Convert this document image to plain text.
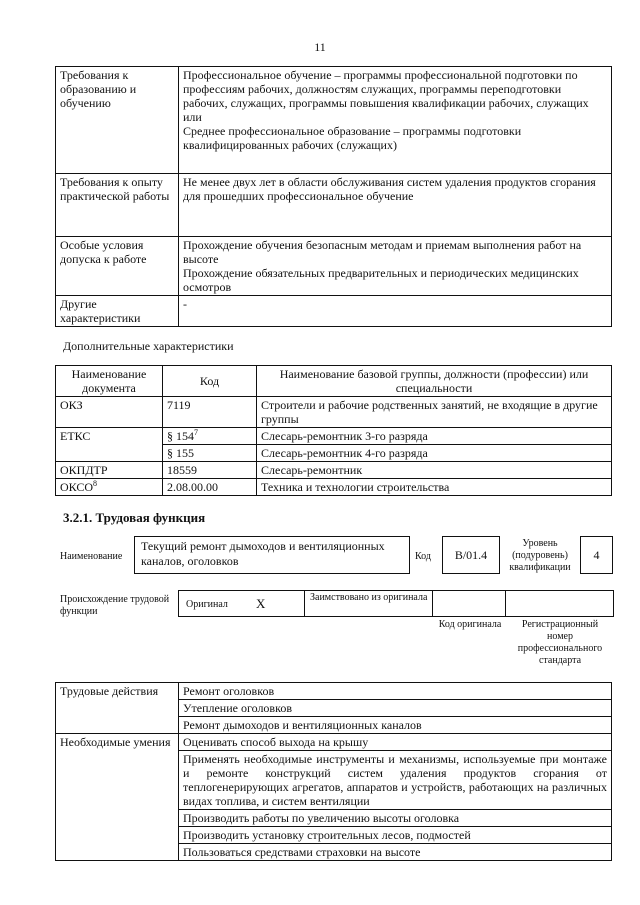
11
Требования к образованию и обучению	Профессиональное обучение – программы профессиональной подготовки по профессиям рабочих, должностям служащих, программы переподготовки рабочих, служащих, программы повышения квалификации рабочих, служащих
или
Среднее профессиональное образование – программы подготовки квалифицированных рабочих (служащих)

Требования к опыту практической работы	Не менее двух лет в области обслуживания систем удаления продуктов сгорания для прошедших профессиональное обучение

Особые условия допуска к работе	Прохождение обучения безопасным методам и приемам выполнения работ на высоте
Прохождение обязательных предварительных и периодических медицинских осмотров

Другие характеристики	-
Дополнительные характеристики
Наименование документа	Код	Наименование базовой группы, должности (профессии) или специальности
ОКЗ	7119	Строители и рабочие родственных занятий, не входящие в другие группы
ЕТКС	§ $154^7$	Слесарь-ремонтник 3-го разряда
	§ 155	Слесарь-ремонтник 4-го разряда
ОКПДТР	18559	Слесарь-ремонтник
ОКСО$^8$	2.08.00.00	Техника и технологии строительства
3.2.1. Трудовая функция
Наименование
Текущий ремонт дымоходов и вентиляционных каналов, оголовков	Код	B/01.4
Уровень (подуровень) квалификации
4
Происхождение трудовой функции
Оригинал X	Заимствовано из оригинала
Код оригинала	Регистрационный номер профессионального стандарта
Трудовые действия	Ремонт оголовков
	Утепление оголовков
	Ремонт дымоходов и вентиляционных каналов
Необходимые умения	Оценивать способ выхода на крышу
	Применять необходимые инструменты и механизмы, используемые при монтаже и ремонте конструкций систем удаления продуктов сгорания от теплогенерирующих агрегатов, аппаратов и устройств, работающих на различных видах топлива, и систем вентиляции
	Производить работы по увеличению высоты оголовка
	Производить установку строительных лесов, подмостей
	Пользоваться средствами страховки на высоте
